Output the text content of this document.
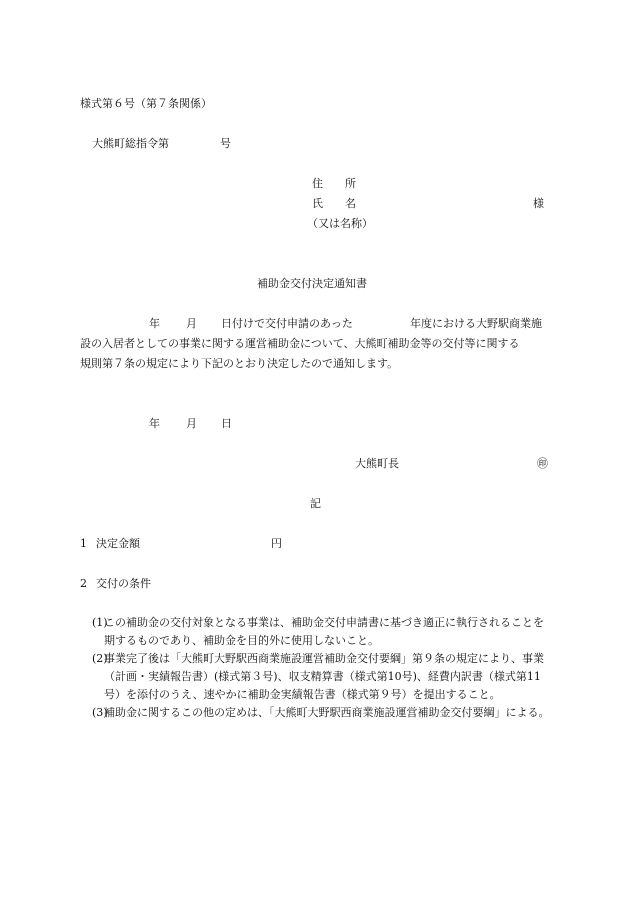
様式第６号（第７条関係）
大熊町総指令第	号
住　　所
氏　　名	様
（又は名称）
補助金交付決定通知書
年 月 日付けで交付申請のあった	年度における大野駅商業施
設の入居者としての事業に関する運営補助金について、大熊町補助金等の交付等に関する
規則第７条の規定により下記のとおり決定したので通知します。
年 月 日
大熊町長	㊞
記
1 決定金額	円
2 交付の条件
(1)この補助金の交付対象となる事業は、補助金交付申請書に基づき適正に執行されることを期するものであり、補助金を目的外に使用しないこと。
(2)事業完了後は「大熊町大野駅西商業施設運営補助金交付要綱」第９条の規定により、事業（計画・実績報告書）(様式第３号)、収支精算書（様式第10号)、経費内訳書（様式第11号）を添付のうえ、速やかに補助金実績報告書（様式第９号）を提出すること。
(3)補助金に関するこの他の定めは、「大熊町大野駅西商業施設運営補助金交付要綱」による。
